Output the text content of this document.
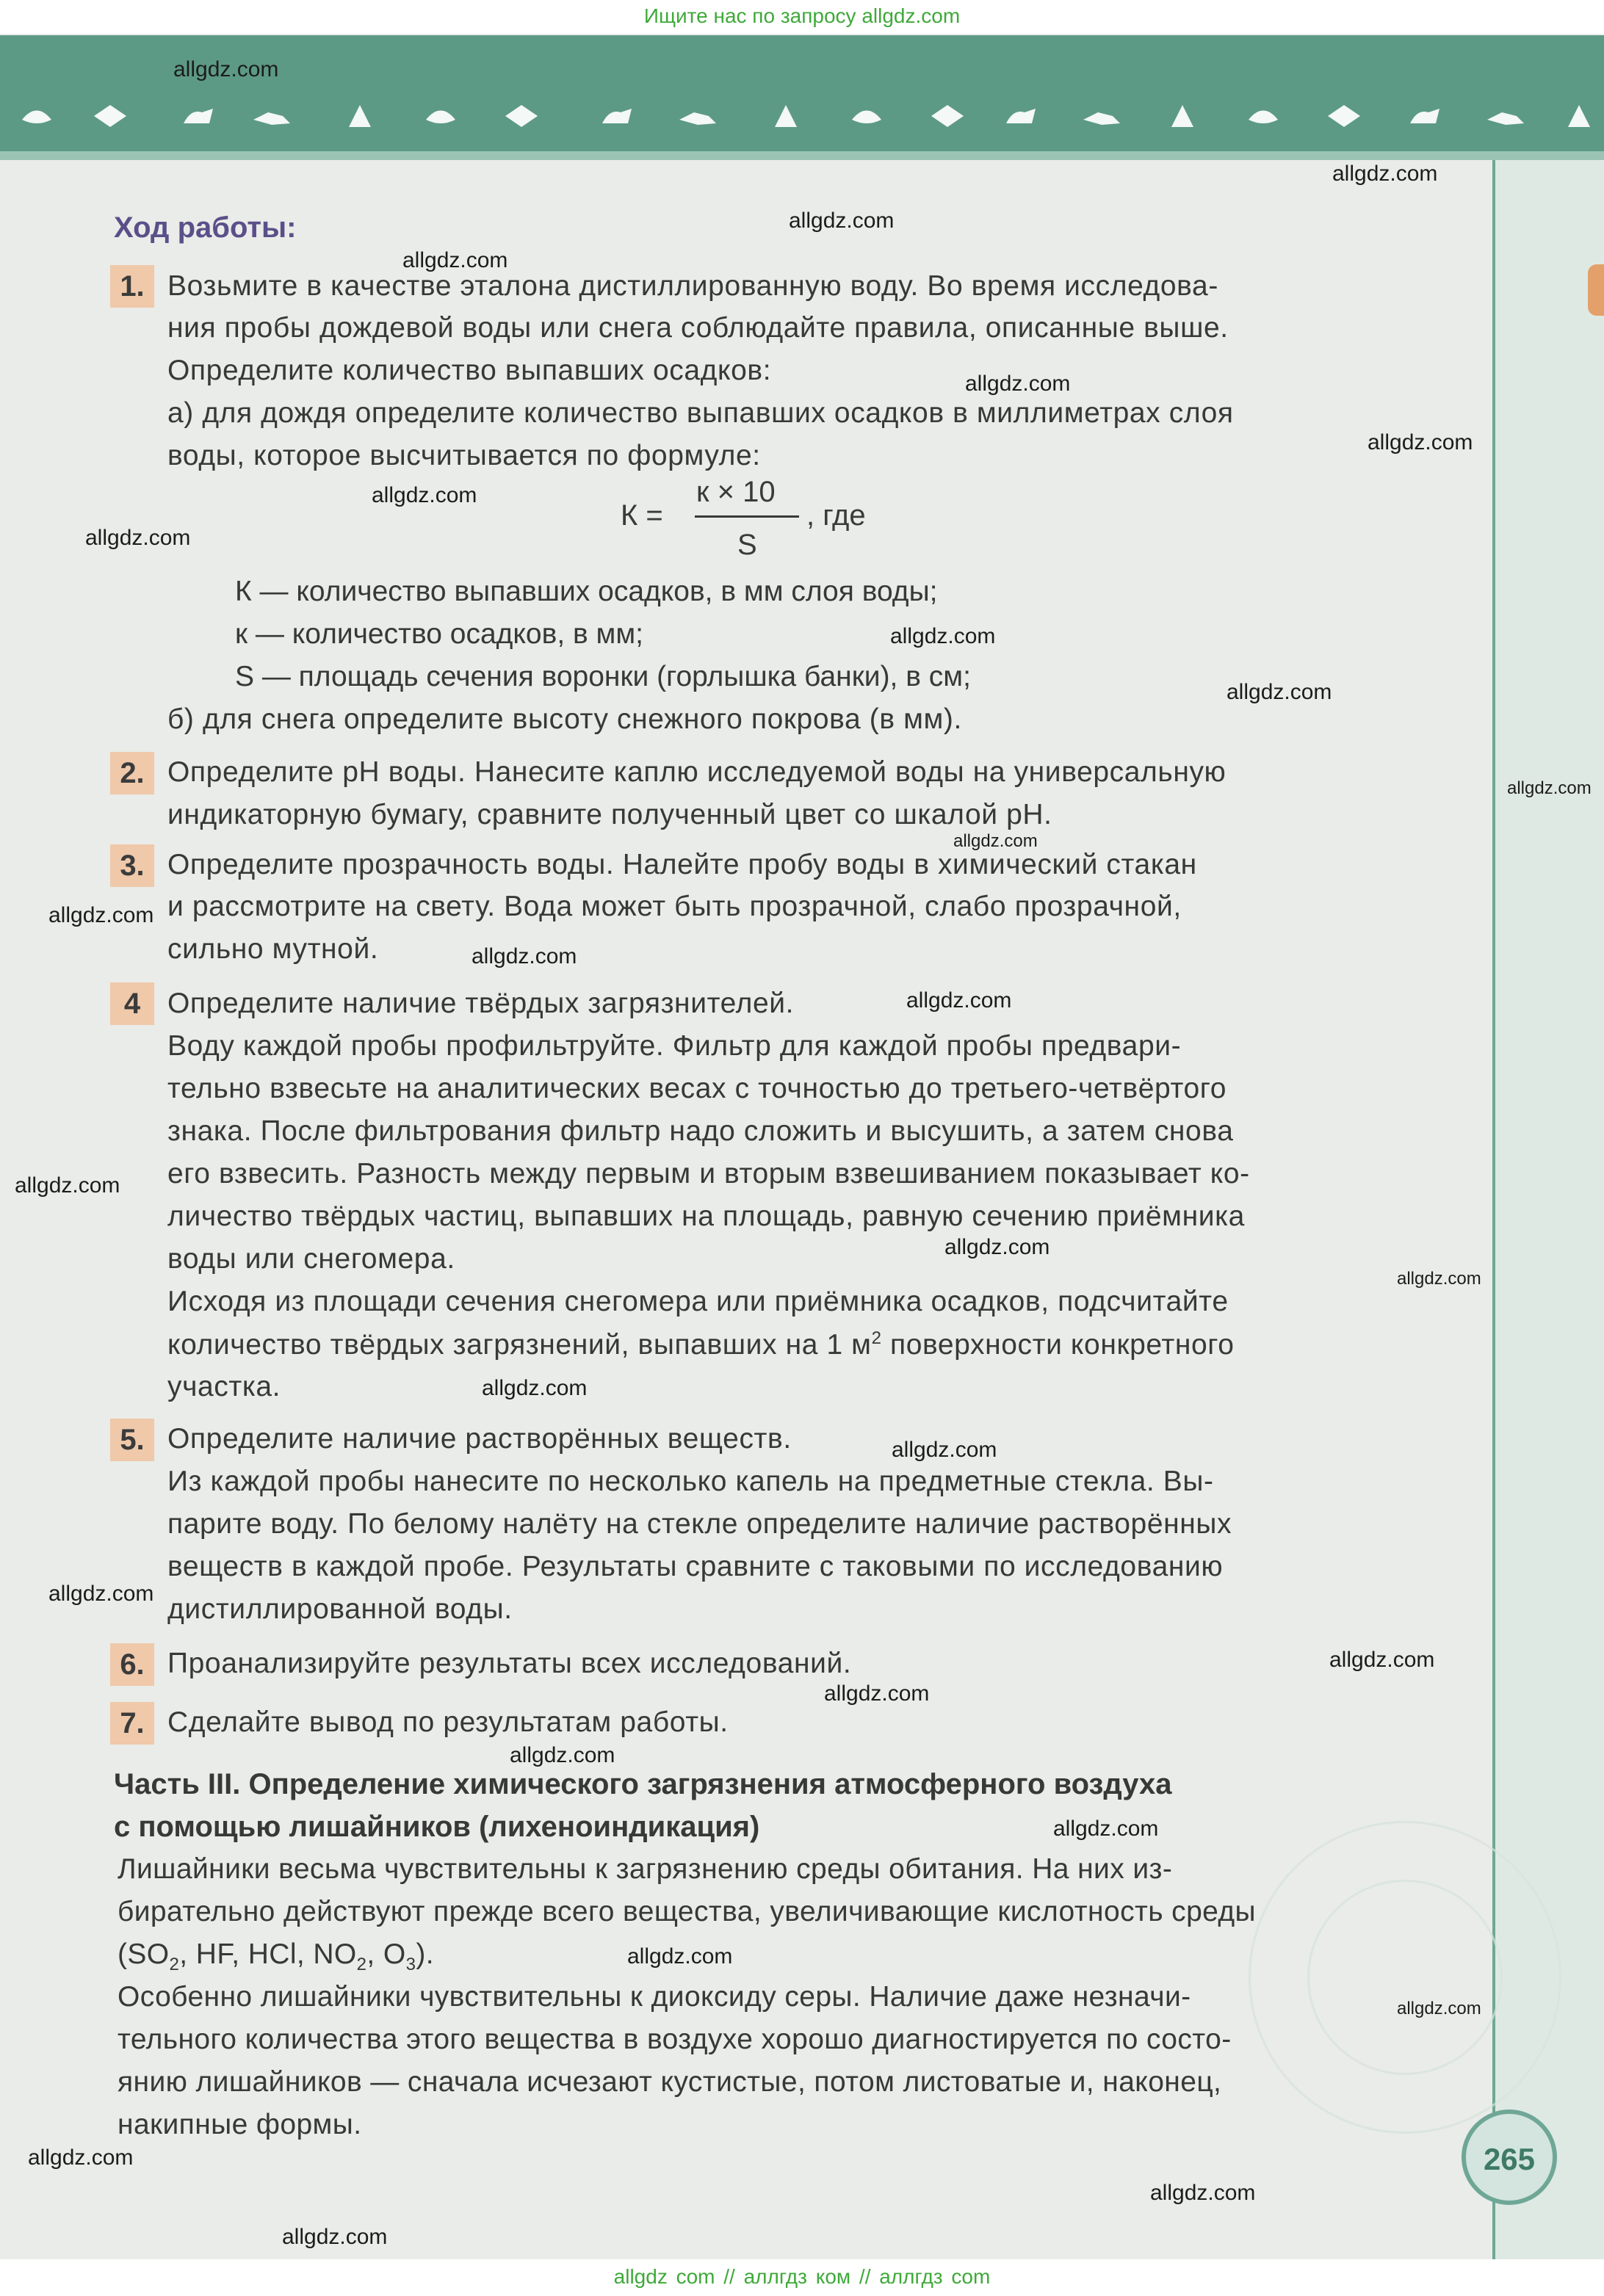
265
Ход работы:
1. Возьмите в качестве эталона дистиллированную воду. Во время исследова-
ния пробы дождевой воды или снега соблюдайте правила, описанные выше.
Определите количество выпавших осадков:
а) для дождя определите количество выпавших осадков в миллиметрах слоя
воды, которое высчитывается по формуле:
К =
к × 10
S
, где
К — количество выпавших осадков, в мм слоя воды;
к — количество осадков, в мм;
S — площадь сечения воронки (горлышка банки), в см;
б) для снега определите высоту снежного покрова (в мм).
2. Определите pH воды. Нанесите каплю исследуемой воды на универсальную
индикаторную бумагу, сравните полученный цвет со шкалой pH.
3. Определите прозрачность воды. Налейте пробу воды в химический стакан
и рассмотрите на свету. Вода может быть прозрачной, слабо прозрачной,
сильно мутной.
4 Определите наличие твёрдых загрязнителей.
Воду каждой пробы профильтруйте. Фильтр для каждой пробы предвари-
тельно взвесьте на аналитических весах с точностью до третьего-четвёртого
знака. После фильтрования фильтр надо сложить и высушить, а затем снова
его взвесить. Разность между первым и вторым взвешиванием показывает ко-
личество твёрдых частиц, выпавших на площадь, равную сечению приёмника
воды или снегомера.
Исходя из площади сечения снегомера или приёмника осадков, подсчитайте
количество твёрдых загрязнений, выпавших на 1 $м^2$ поверхности конкретного
участка.
5. Определите наличие растворённых веществ.
Из каждой пробы нанесите по несколько капель на предметные стекла. Вы-
парите воду. По белому налёту на стекле определите наличие растворённых
веществ в каждой пробе. Результаты сравните с таковыми по исследованию
дистиллированной воды.
6. Проанализируйте результаты всех исследований.
7. Сделайте вывод по результатам работы.
Часть III. Определение химического загрязнения атмосферного воздуха
с помощью лишайников (лихеноиндикация)
Лишайники весьма чувствительны к загрязнению среды обитания. На них из-
бирательно действуют прежде всего вещества, увеличивающие кислотность среды
($SO_2$, HF, HCl, $NO_2$, $O_3$).
Особенно лишайники чувствительны к диоксиду серы. Наличие даже незначи-
тельного количества этого вещества в воздухе хорошо диагностируется по состо-
янию лишайников — сначала исчезают кустистые, потом листоватые и, наконец,
накипные формы.
allgdz.com
allgdz.com
allgdz.com
allgdz.com
allgdz.com
allgdz.com
allgdz.com
allgdz.com
allgdz.com
allgdz.com
allgdz.com
allgdz.com
allgdz.com
allgdz.com
allgdz.com
allgdz.com
allgdz.com
allgdz.com
allgdz.com
allgdz.com
allgdz.com
allgdz.com
allgdz.com
allgdz.com
allgdz.com
allgdz.com
allgdz.com
allgdz.com
allgdz.com
allgdz.com
Ищите нас по запросу allgdz.com
allgdz com // аллгдз ком // аллгдз com
